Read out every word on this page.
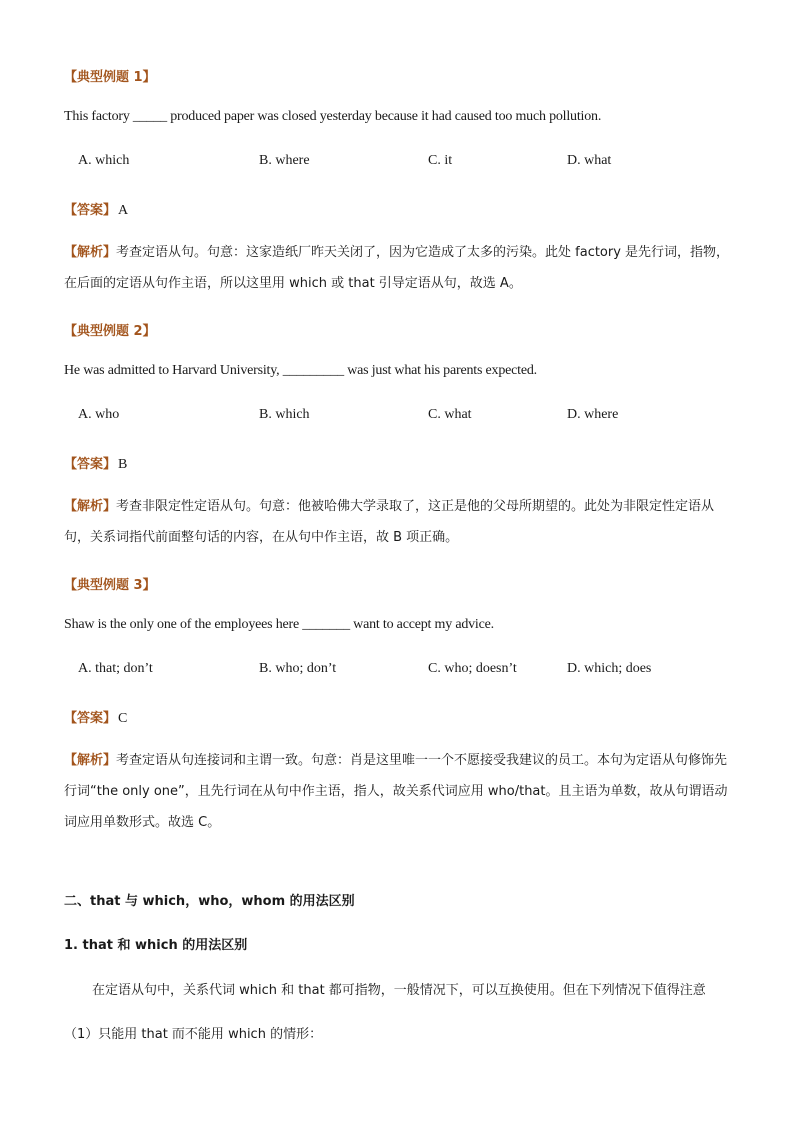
【典型例题 1】
This factory _____ produced paper was closed yesterday because it had caused too much pollution.
A. which	B. where	C. it	D. what
【答案】 A
【解析】考查定语从句。句意：这家造纸厂昨天关闭了，因为它造成了太多的污染。此处 factory 是先行词，指物，在后面的定语从句作主语，所以这里用 which 或 that 引导定语从句，故选 A。
【典型例题 2】
He was admitted to Harvard University, _________ was just what his parents expected.
A. who	B. which	C. what	D. where
【答案】 B
【解析】考查非限定性定语从句。句意：他被哈佛大学录取了，这正是他的父母所期望的。此处为非限定性定语从句，关系词指代前面整句话的内容，在从句中作主语，故 B 项正确。
【典型例题 3】
Shaw is the only one of the employees here _______ want to accept my advice.
A. that; don’t	B. who; don’t	C. who; doesn’t	D. which; does
【答案】 C
【解析】考查定语从句连接词和主谓一致。句意：肖是这里唯一一个不愿接受我建议的员工。本句为定语从句修饰先行词“the only one”，且先行词在从句中作主语，指人，故关系代词应用 who/that。且主语为单数，故从句谓语动词应用单数形式。故选 C。
二、that 与 which，who，whom 的用法区别
1. that 和 which 的用法区别
在定语从句中，关系代词 which 和 that 都可指物，一般情况下，可以互换使用。但在下列情况下值得注意
（1）只能用 that 而不能用 which 的情形：
